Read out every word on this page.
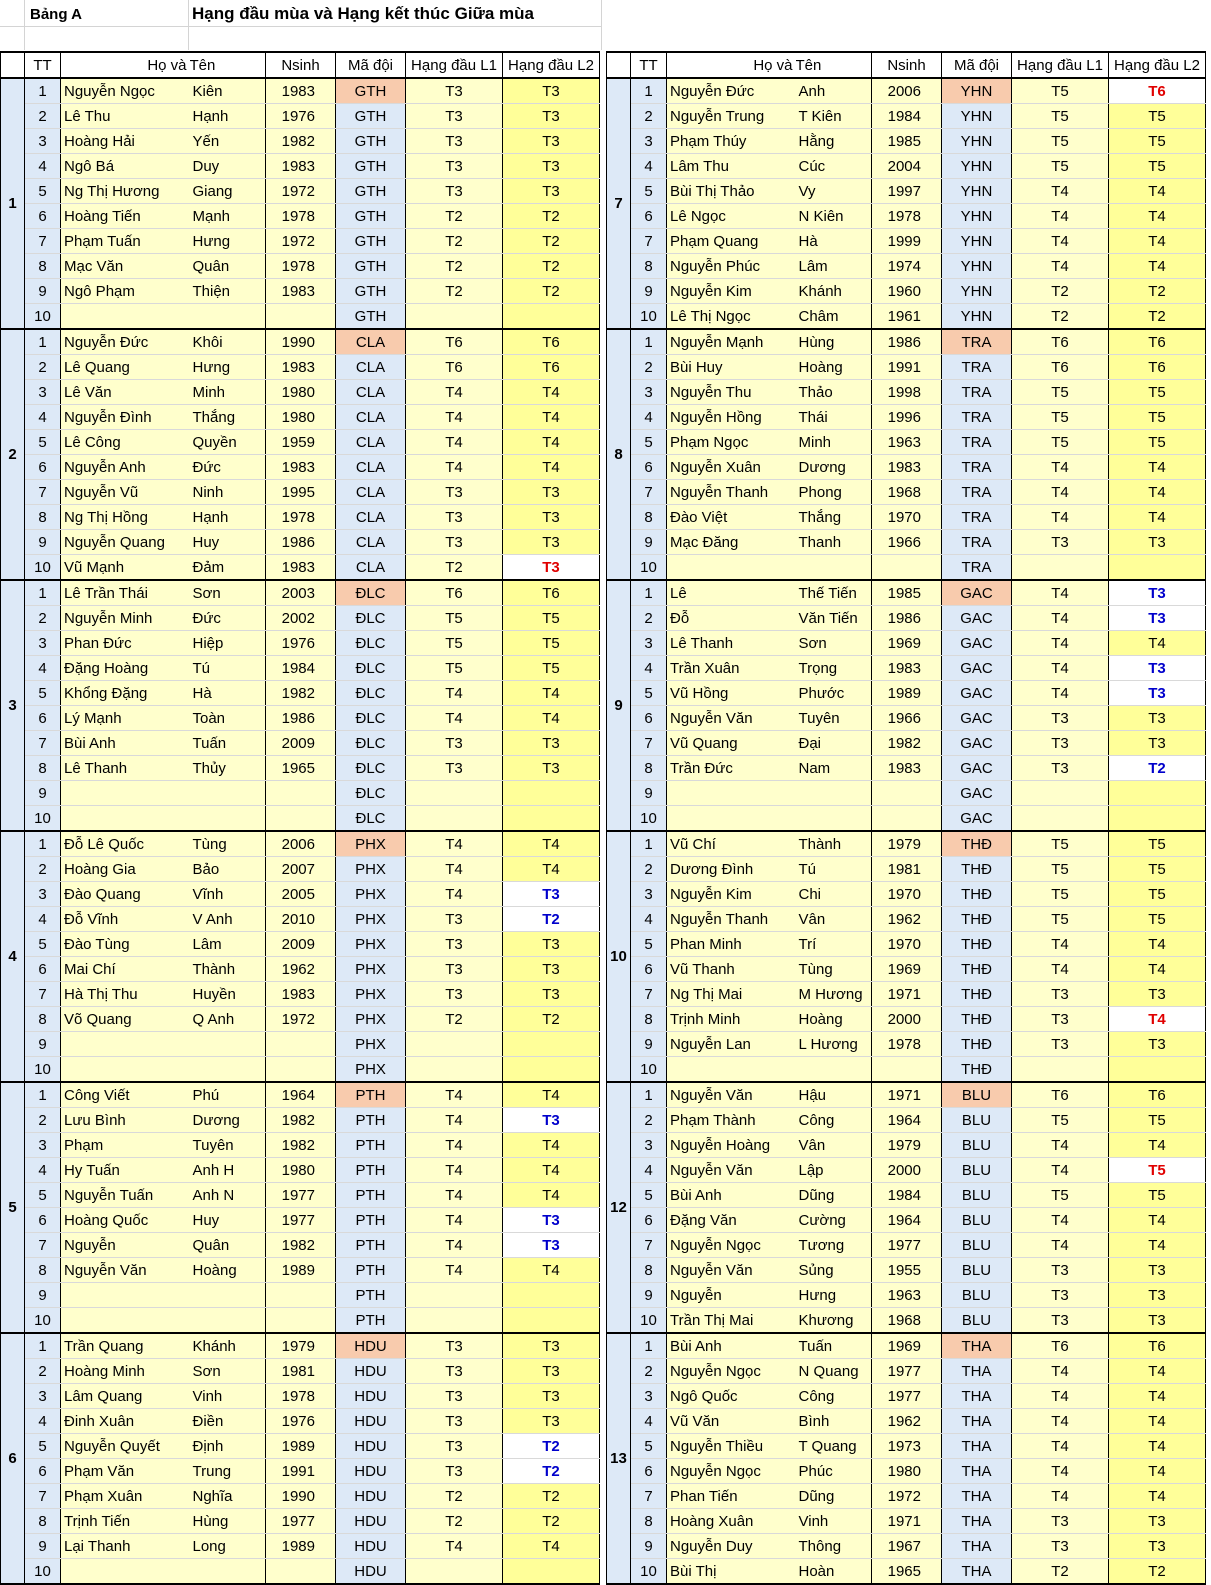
Bảng A	Hạng đầu mùa và Hạng kết thúc Giữa mùa
	TT	Họ và	Tên	Nsinh	Mã đội	Hạng đầu L1	Hạng đầu L2
1	1	Nguyễn Ngọc	Kiên	1983	GTH	T3	T3
	2	Lê Thu	Hạnh	1976	GTH	T3	T3
	3	Hoàng Hải	Yến	1982	GTH	T3	T3
	4	Ngô Bá	Duy	1983	GTH	T3	T3
	5	Ng Thị Hương	Giang	1972	GTH	T3	T3
	6	Hoàng Tiến	Mạnh	1978	GTH	T2	T2
	7	Phạm Tuấn	Hưng	1972	GTH	T2	T2
	8	Mạc Văn	Quân	1978	GTH	T2	T2
	9	Ngô Phạm	Thiện	1983	GTH	T2	T2
	10				GTH		
2	1	Nguyễn Đức	Khôi	1990	CLA	T6	T6
	2	Lê Quang	Hưng	1983	CLA	T6	T6
	3	Lê Văn	Minh	1980	CLA	T4	T4
	4	Nguyễn Đình	Thắng	1980	CLA	T4	T4
	5	Lê Công	Quyền	1959	CLA	T4	T4
	6	Nguyễn Anh	Đức	1983	CLA	T4	T4
	7	Nguyễn Vũ	Ninh	1995	CLA	T3	T3
	8	Ng Thị Hồng	Hạnh	1978	CLA	T3	T3
	9	Nguyễn Quang	Huy	1986	CLA	T3	T3
	10	Vũ Mạnh	Đảm	1983	CLA	T2	T3
3	1	Lê Trần Thái	Sơn	2003	ĐLC	T6	T6
	2	Nguyễn Minh	Đức	2002	ĐLC	T5	T5
	3	Phan Đức	Hiệp	1976	ĐLC	T5	T5
	4	Đặng Hoàng	Tú	1984	ĐLC	T5	T5
	5	Khổng Đặng	Hà	1982	ĐLC	T4	T4
	6	Lý Mạnh	Toàn	1986	ĐLC	T4	T4
	7	Bùi Anh	Tuấn	2009	ĐLC	T3	T3
	8	Lê Thanh	Thủy	1965	ĐLC	T3	T3
	9				ĐLC		
	10				ĐLC		
4	1	Đỗ Lê Quốc	Tùng	2006	PHX	T4	T4
	2	Hoàng Gia	Bảo	2007	PHX	T4	T4
	3	Đào Quang	Vĩnh	2005	PHX	T4	T3
	4	Đỗ Vĩnh	V Anh	2010	PHX	T3	T2
	5	Đào Tùng	Lâm	2009	PHX	T3	T3
	6	Mai Chí	Thành	1962	PHX	T3	T3
	7	Hà Thị Thu	Huyền	1983	PHX	T3	T3
	8	Võ Quang	Q Anh	1972	PHX	T2	T2
	9				PHX		
	10				PHX		
5	1	Công Viết	Phú	1964	PTH	T4	T4
	2	Lưu Bình	Dương	1982	PTH	T4	T3
	3	Phạm	Tuyên	1982	PTH	T4	T4
	4	Hy Tuấn	Anh H	1980	PTH	T4	T4
	5	Nguyễn Tuấn	Anh N	1977	PTH	T4	T4
	6	Hoàng Quốc	Huy	1977	PTH	T4	T3
	7	Nguyễn	Quân	1982	PTH	T4	T3
	8	Nguyễn Văn	Hoàng	1989	PTH	T4	T4
	9				PTH		
	10				PTH		
6	1	Trần Quang	Khánh	1979	HDU	T3	T3
	2	Hoàng Minh	Sơn	1981	HDU	T3	T3
	3	Lâm Quang	Vinh	1978	HDU	T3	T3
	4	Đinh Xuân	Điền	1976	HDU	T3	T3
	5	Nguyễn Quyết	Định	1989	HDU	T3	T2
	6	Phạm Văn	Trung	1991	HDU	T3	T2
	7	Phạm Xuân	Nghĩa	1990	HDU	T2	T2
	8	Trịnh Tiến	Hùng	1977	HDU	T2	T2
	9	Lại Thanh	Long	1989	HDU	T4	T4
	10				HDU		
	TT	Họ và	Tên	Nsinh	Mã đội	Hạng đầu L1	Hạng đầu L2
7	1	Nguyễn Đức	Anh	2006	YHN	T5	T6
	2	Nguyễn Trung	T Kiên	1984	YHN	T5	T5
	3	Phạm Thúy	Hằng	1985	YHN	T5	T5
	4	Lâm Thu	Cúc	2004	YHN	T5	T5
	5	Bùi Thị Thảo	Vy	1997	YHN	T4	T4
	6	Lê Ngọc	N Kiên	1978	YHN	T4	T4
	7	Phạm Quang	Hà	1999	YHN	T4	T4
	8	Nguyễn Phúc	Lâm	1974	YHN	T4	T4
	9	Nguyễn Kim	Khánh	1960	YHN	T2	T2
	10	Lê Thị Ngọc	Châm	1961	YHN	T2	T2
8	1	Nguyễn Mạnh	Hùng	1986	TRA	T6	T6
	2	Bùi Huy	Hoàng	1991	TRA	T6	T6
	3	Nguyễn Thu	Thảo	1998	TRA	T5	T5
	4	Nguyễn Hồng	Thái	1996	TRA	T5	T5
	5	Phạm Ngọc	Minh	1963	TRA	T5	T5
	6	Nguyễn Xuân	Dương	1983	TRA	T4	T4
	7	Nguyễn Thanh	Phong	1968	TRA	T4	T4
	8	Đào Việt	Thắng	1970	TRA	T4	T4
	9	Mạc Đăng	Thanh	1966	TRA	T3	T3
	10				TRA		
9	1	Lê	Thế Tiến	1985	GAC	T4	T3
	2	Đỗ	Văn Tiến	1986	GAC	T4	T3
	3	Lê Thanh	Sơn	1969	GAC	T4	T4
	4	Trần Xuân	Trọng	1983	GAC	T4	T3
	5	Vũ Hồng	Phước	1989	GAC	T4	T3
	6	Nguyễn Văn	Tuyên	1966	GAC	T3	T3
	7	Vũ Quang	Đại	1982	GAC	T3	T3
	8	Trần Đức	Nam	1983	GAC	T3	T2
	9				GAC		
	10				GAC		
10	1	Vũ Chí	Thành	1979	THĐ	T5	T5
	2	Dương Đình	Tú	1981	THĐ	T5	T5
	3	Nguyễn Kim	Chi	1970	THĐ	T5	T5
	4	Nguyễn Thanh	Vân	1962	THĐ	T5	T5
	5	Phan Minh	Trí	1970	THĐ	T4	T4
	6	Vũ Thanh	Tùng	1969	THĐ	T4	T4
	7	Ng Thị Mai	M Hương	1971	THĐ	T3	T3
	8	Trịnh Minh	Hoàng	2000	THĐ	T3	T4
	9	Nguyễn Lan	L Hương	1978	THĐ	T3	T3
	10				THĐ		
12	1	Nguyễn Văn	Hậu	1971	BLU	T6	T6
	2	Phạm Thành	Công	1964	BLU	T5	T5
	3	Nguyễn Hoàng	Vân	1979	BLU	T4	T4
	4	Nguyễn Văn	Lập	2000	BLU	T4	T5
	5	Bùi Anh	Dũng	1984	BLU	T5	T5
	6	Đặng Văn	Cường	1964	BLU	T4	T4
	7	Nguyễn Ngọc	Tương	1977	BLU	T4	T4
	8	Nguyễn Văn	Sủng	1955	BLU	T3	T3
	9	Nguyễn	Hưng	1963	BLU	T3	T3
	10	Trần Thị Mai	Khương	1968	BLU	T3	T3
13	1	Bùi Anh	Tuấn	1969	THA	T6	T6
	2	Nguyễn Ngọc	N Quang	1977	THA	T4	T4
	3	Ngô Quốc	Công	1977	THA	T4	T4
	4	Vũ Văn	Bình	1962	THA	T4	T4
	5	Nguyễn Thiều	T Quang	1973	THA	T4	T4
	6	Nguyễn Ngọc	Phúc	1980	THA	T4	T4
	7	Phan Tiến	Dũng	1972	THA	T4	T4
	8	Hoàng Xuân	Vinh	1971	THA	T3	T3
	9	Nguyễn Duy	Thông	1967	THA	T3	T3
	10	Bùi Thị	Hoàn	1965	THA	T2	T2
